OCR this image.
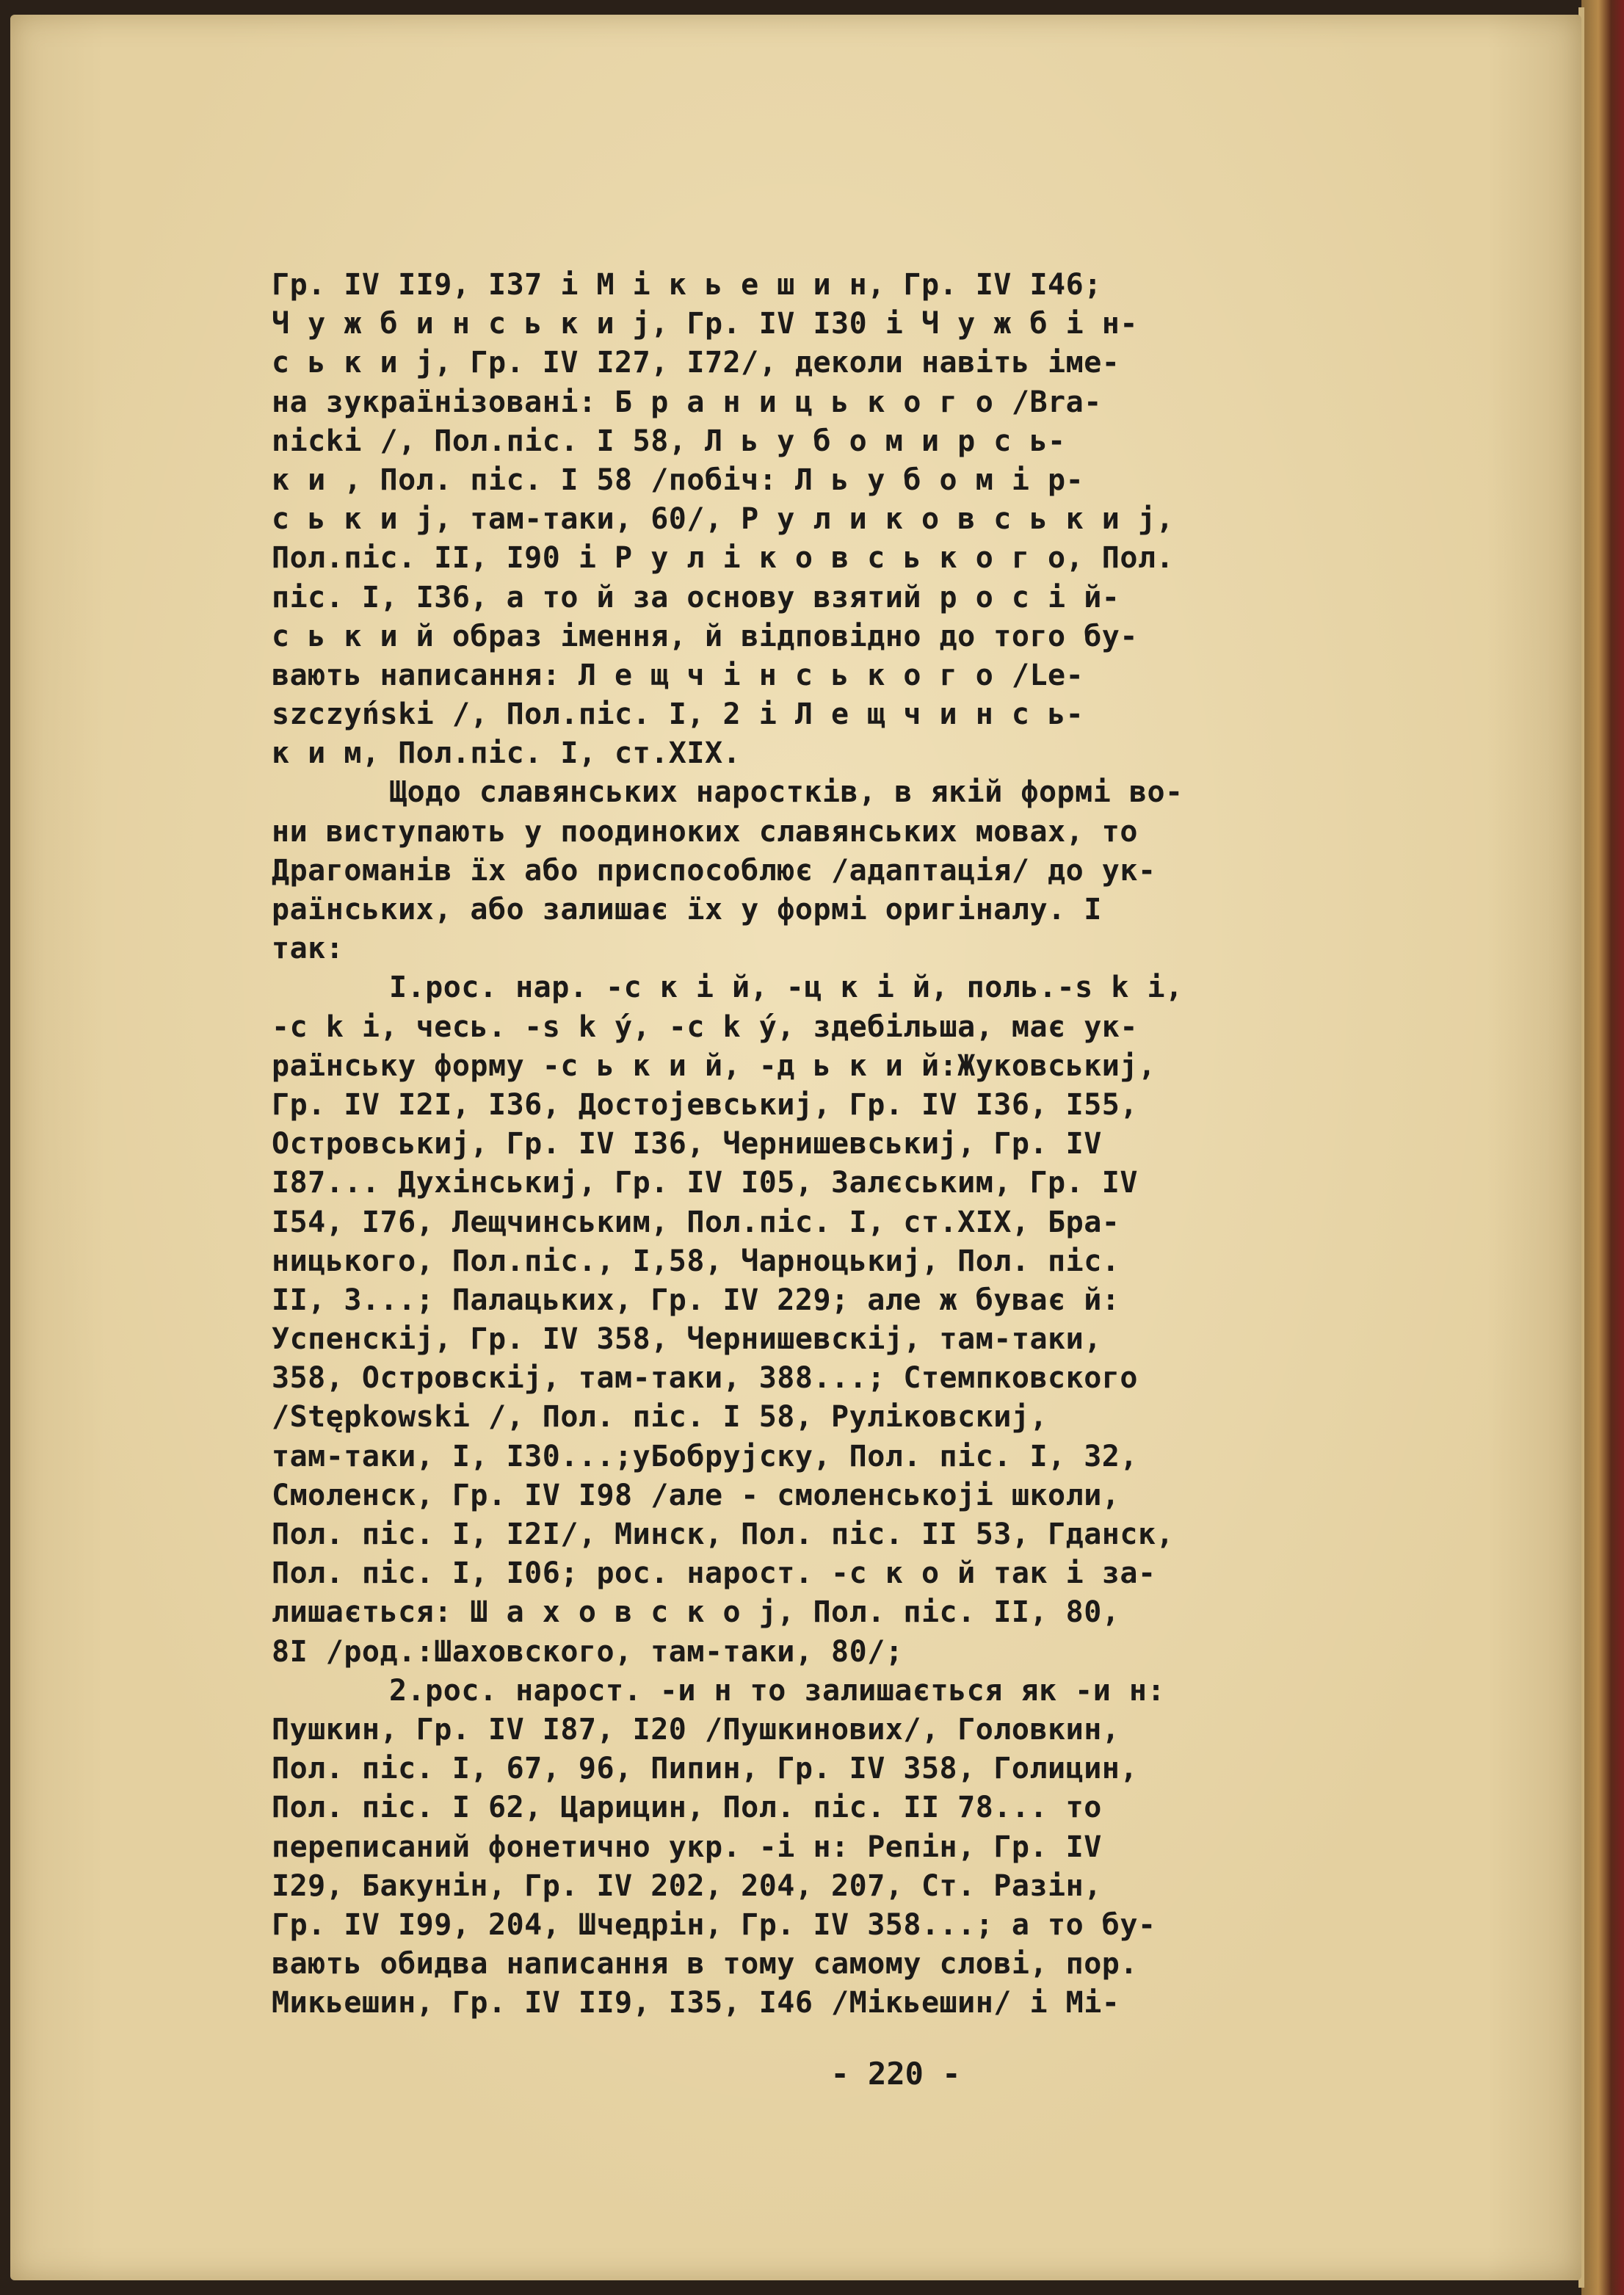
Гр. IV II9, I37 і М і к ь е ш и н, Гр. IV I46;
Ч у ж б и н с ь к и j, Гр. IV I30 і Ч у ж б і н-
с ь к и j, Гр. IV I27, I72/, деколи навіть іме-
на зукраїнізовані: Б р а н и ц ь к о г о /Bra-
nicki /, Пол.піс. I 58, Л ь у б о м и р с ь-
к и , Пол. піс. I 58 /побіч: Л ь у б о м і р-
с ь к и j, там-таки, 60/, Р у л и к о в с ь к и j,
Пол.піс. II, I90 і Р у л і к о в с ь к о г о, Пол.
піс. I, I36, а то й за основу взятий р о с і й-
с ь к и й образ імення, й відповідно до того бу-
вають написання: Л е щ ч і н с ь к о г о /Le-
szczyński /, Пол.піс. I, 2 і Л е щ ч и н с ь-
к и м, Пол.піс. I, ст.XIX.
Щодо славянських наростків, в якій формі во-
ни виступають у поодиноких славянських мовах, то
Драгоманів їх або приспособлює /адаптація/ до ук-
раїнських, або залишає їх у формі оригіналу. I
так:
I.рос. нар. -с к і й, -ц к і й, поль.-s k i,
-c k i, чесь. -s k ý, -c k ý, здебільша, має ук-
раїнську форму -с ь к и й, -д ь к и й:Жуковськиj,
Гр. IV I2I, I36, Достојевськиj, Гр. IV I36, I55,
Островськиj, Гр. IV I36, Чернишевськиj, Гр. IV
I87... Духінськиj, Гр. IV I05, Залєським, Гр. IV
I54, I76, Лещчинським, Пол.піс. I, ст.XIX, Бра-
ницького, Пол.піс., I,58, Чарноцькиj, Пол. піс.
II, 3...; Палацьких, Гр. IV 229; але ж буває й:
Успенскіj, Гр. IV 358, Чернишевскіj, там-таки,
358, Островскіj, там-таки, 388...; Стемпковского
/Stępkowski /, Пол. піс. I 58, Руліковскиj,
там-таки, I, I30...;уБобруjску, Пол. піс. I, 32,
Смоленск, Гр. IV I98 /але - смоленськоjі школи,
Пол. піс. I, I2I/, Минск, Пол. піс. II 53, Гданск,
Пол. піс. I, I06; рос. нарост. -с к о й так і за-
лишається: Ш а х о в с к о j, Пол. піс. II, 80,
8I /род.:Шаховского, там-таки, 80/;
2.рос. нарост. -и н то залишається як -и н:
Пушкин, Гр. IV I87, I20 /Пушкинових/, Головкин,
Пол. піс. I, 67, 96, Пипин, Гр. IV 358, Голицин,
Пол. піс. I 62, Царицин, Пол. піс. II 78... то
переписаний фонетично укр. -і н: Репін, Гр. IV
I29, Бакунін, Гр. IV 202, 204, 207, Ст. Разін,
Гр. IV I99, 204, Шчедрін, Гр. IV 358...; а то бу-
вають обидва написання в тому самому слові, пор.
Микьешин, Гр. IV II9, I35, I46 /Мікьешин/ і Мі-
- 220 -
